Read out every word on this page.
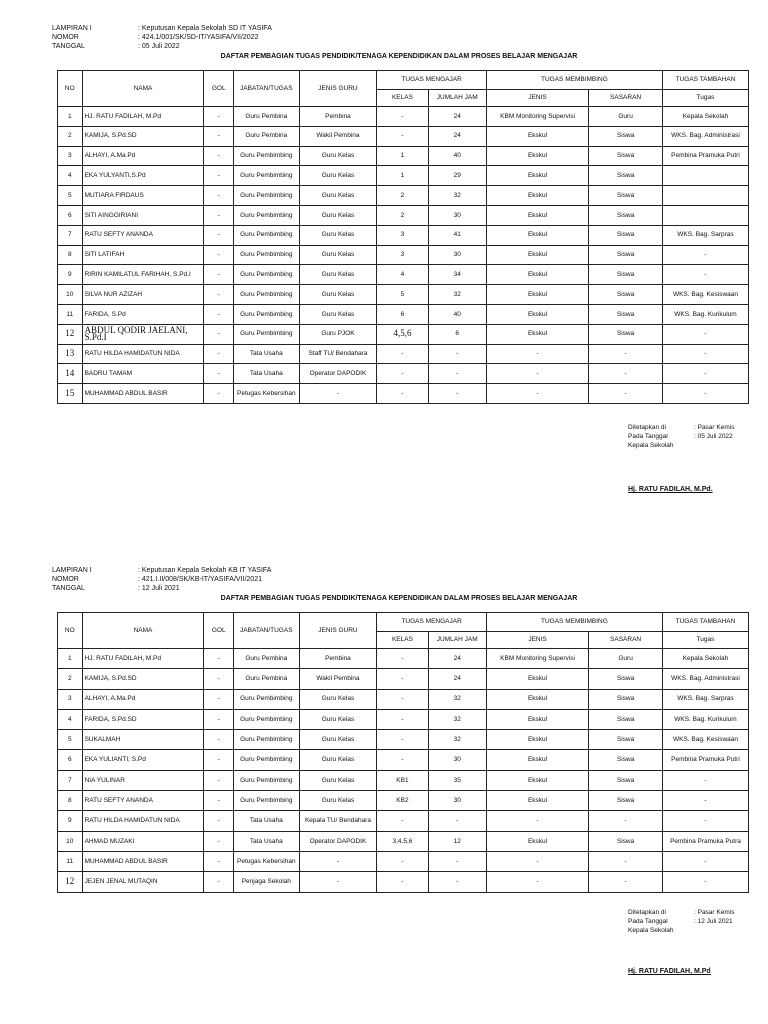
LAMPIRAN I	: Keputusan Kepala Sekolah SD IT YASIFA
NOMOR	: 424.1/001/SK/SD-IT/YASIFA/VII/2022
TANGGAL	: 05 Juli 2022
DAFTAR PEMBAGIAN TUGAS PENDIDIK/TENAGA KEPENDIDIKAN DALAM PROSES BELAJAR MENGAJAR
NO	NAMA	GOL	JABATAN/TUGAS	JENIS GURU	TUGAS MENGAJAR		TUGAS MEMBIMBING		TUGAS TAMBAHAN
					KELAS	JUMLAH JAM	JENIS	SASARAN	Tugas
1	HJ. RATU FADILAH, M.Pd	-	Guru Pembina	Pembina	-	24	KBM Monitoring Supervisi	Guru	Kepala Sekolah
2	KAMIJA, S.Pd.SD	-	Guru Pembina	Wakil Pembina	-	24	Ekskul	Siswa	WKS. Bag. Administrasi
3	ALHAYI, A.Ma.Pd	-	Guru Pembimbing	Guru Kelas	1	40	Ekskul	Siswa	Pembina Pramuka Putri
4	EKA YULYANTI,S.Pd	-	Guru Pembimbing	Guru Kelas	1	29	Ekskul	Siswa	
5	MUTIARA FIRDAUS	-	Guru Pembimbing	Guru Kelas	2	32	Ekskul	Siswa	
6	SITI AINGGIRIANI	-	Guru Pembimbing	Guru Kelas	2	30	Ekskul	Siswa	
7	RATU SEFTY ANANDA	-	Guru Pembimbing	Guru Kelas	3	41	Ekskul	Siswa	WKS. Bag. Sarpras
8	SITI LATIFAH	-	Guru Pembimbing	Guru Kelas	3	30	Ekskul	Siswa	-
9	RIRIN KAMILATUL FARIHAH, S.Pd,I	-	Guru Pembimbing	Guru Kelas	4	34	Ekskul	Siswa	-
10	SILVA NUR AZIZAH	-	Guru Pembimbing	Guru Kelas	5	32	Ekskul	Siswa	WKS. Bag. Kesiswaan
11	FARIDA, S.Pd	-	Guru Pembimbing	Guru Kelas	6	40	Ekskul	Siswa	WKS. Bag. Kurikulum
12	ABDUL QODIR JAELANI, S.Pd.I	-	Guru Pembimbing	Guru PJOK	4,5,6	6	Ekskul	Siswa	-
13	RATU HILDA HAMIDATUN NIDA	-	Tata Usaha	Staff TU/ Bendahara	-	-	-	-	-
14	BADRU TAMAM	-	Tata Usaha	Operator DAPODIK	-	-	-	-	-
15	MUHAMMAD ABDUL BASIR	-	Petugas Kebersihan	-	-	-	-	-	-
Ditetapkan di	: Pasar Kemis
Pada Tanggal	: 05 Juli 2022
Kepala Sekolah
Hj. RATU FADILAH, M.Pd.
LAMPIRAN I	: Keputusan Kepala Sekolah KB IT YASIFA
NOMOR	: 421.I.II/008/SK/KB-IT/YASIFA/VII/2021
TANGGAL	: 12 Juli 2021
DAFTAR PEMBAGIAN TUGAS PENDIDIK/TENAGA KEPENDIDIKAN DALAM PROSES BELAJAR MENGAJAR
NO	NAMA	GOL	JABATAN/TUGAS	JENIS GURU	TUGAS MENGAJAR		TUGAS MEMBIMBING		TUGAS TAMBAHAN
					KELAS	JUMLAH JAM	JENIS	SASARAN	Tugas
1	HJ. RATU FADILAH, M.Pd	-	Guru Pembina	Pembina	-	24	KBM Monitoring Supervisi	Guru	Kepala Sekolah
2	KAMIJA, S.Pd.SD	-	Guru Pembina	Wakil Pembina	-	24	Ekskul	Siswa	WKS. Bag. Administrasi
3	ALHAYI, A.Ma.Pd	-	Guru Pembimbing	Guru Kelas	-	32	Ekskul	Siswa	WKS. Bag. Sarpras
4	FARIDA, S.Pd.SD	-	Guru Pembimbing	Guru Kelas	-	32	Ekskul	Siswa	WKS. Bag. Kurikulum
5	SUKALMAH	-	Guru Pembimbing	Guru Kelas	-	32	Ekskul	Siswa	WKS. Bag. Kesiswaan
6	EKA YULIANTI, S.Pd	-	Guru Pembimbing	Guru Kelas	-	30	Ekskul	Siswa	Pembina Pramuka Putri
7	NIA YULINAR	-	Guru Pembimbing	Guru Kelas	KB1	35	Ekskul	Siswa	-
8	RATU SEFTY ANANDA	-	Guru Pembimbing	Guru Kelas	KB2	30	Ekskul	Siswa	-
9	RATU HILDA HAMIDATUN NIDA	-	Tata Usaha	Kepala TU/ Bendahara	-	-	-	-	-
10	AHMAD MUZAKI	-	Tata Usaha	Operator DAPODIK	3,4,5,6	12	Ekskul	Siswa	Pembina Pramuka Putra
11	MUHAMMAD ABDUL BASIR	-	Petugas Kebersihan	-	-	-	-	-	-
12	JEJEN JENAL MUTAQIN	-	Penjaga Sekolah	-	-	-	-	-	-
Ditetapkan di	: Pasar Kemis
Pada Tanggal	: 12 Juli 2021
Kepala Sekolah
Hj. RATU FADILAH, M.Pd
